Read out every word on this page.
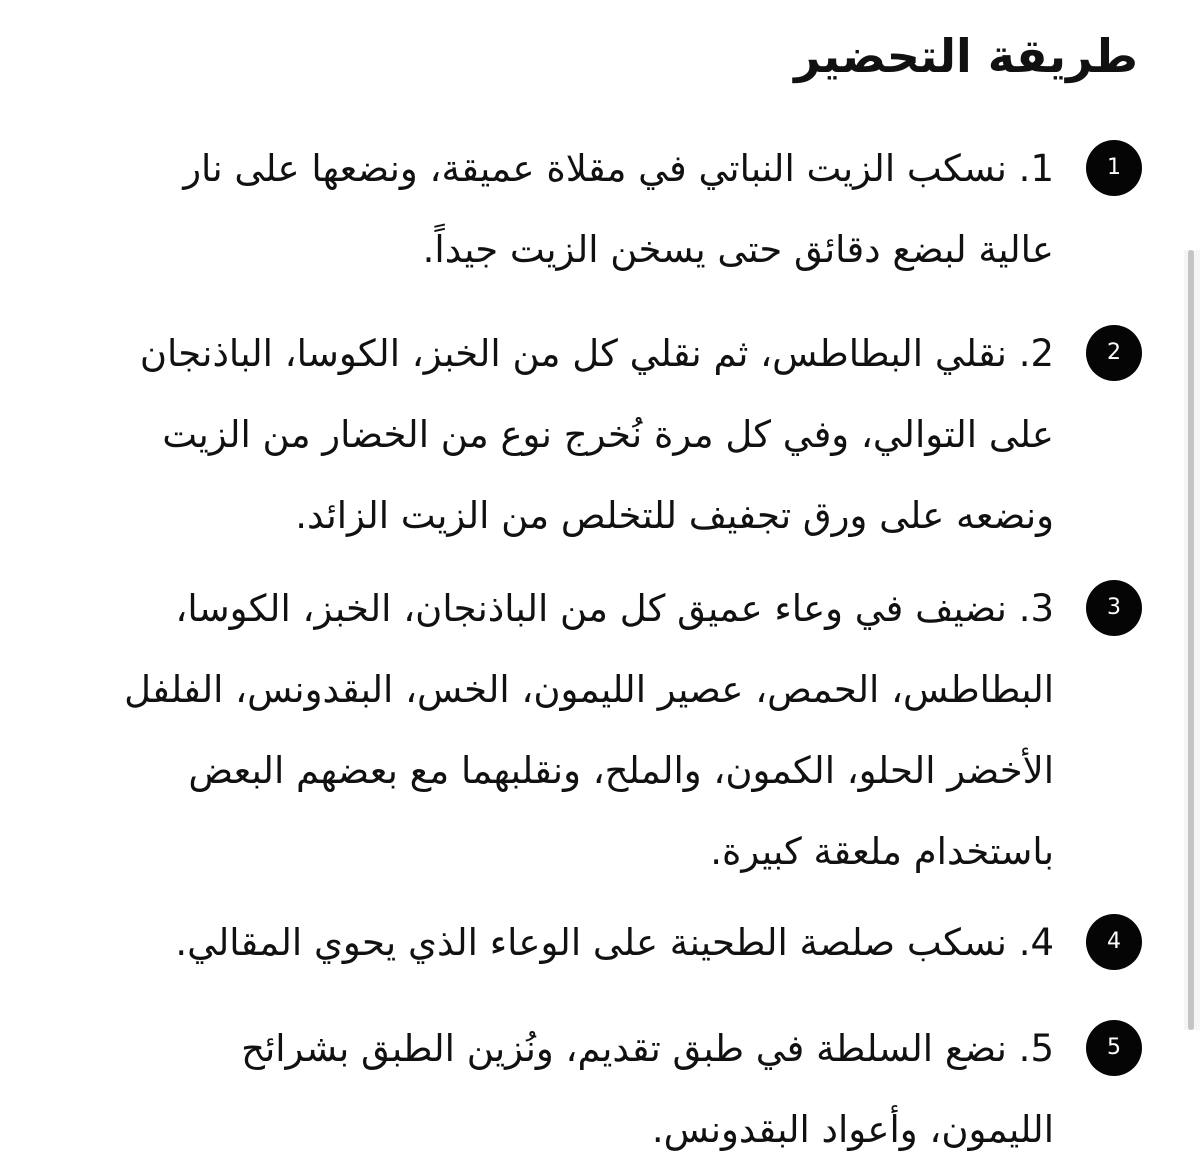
طريقة التحضير
1

1. نسكب الزيت النباتي في مقلاة عميقة، ونضعها على نار
عالية لبضع دقائق حتى يسخن الزيت جيداً.

2

2. نقلي البطاطس، ثم نقلي كل من الخبز، الكوسا، الباذنجان
على التوالي، وفي كل مرة نُخرج نوع من الخضار من الزيت
ونضعه على ورق تجفيف للتخلص من الزيت الزائد.

3

3. نضيف في وعاء عميق كل من الباذنجان، الخبز، الكوسا،
البطاطس، الحمص، عصير الليمون، الخس، البقدونس، الفلفل
الأخضر الحلو، الكمون، والملح، ونقلبهما مع بعضهم البعض
باستخدام ملعقة كبيرة.

4

4. نسكب صلصة الطحينة على الوعاء الذي يحوي المقالي.

5

5. نضع السلطة في طبق تقديم، ونُزين الطبق بشرائح
الليمون، وأعواد البقدونس.
